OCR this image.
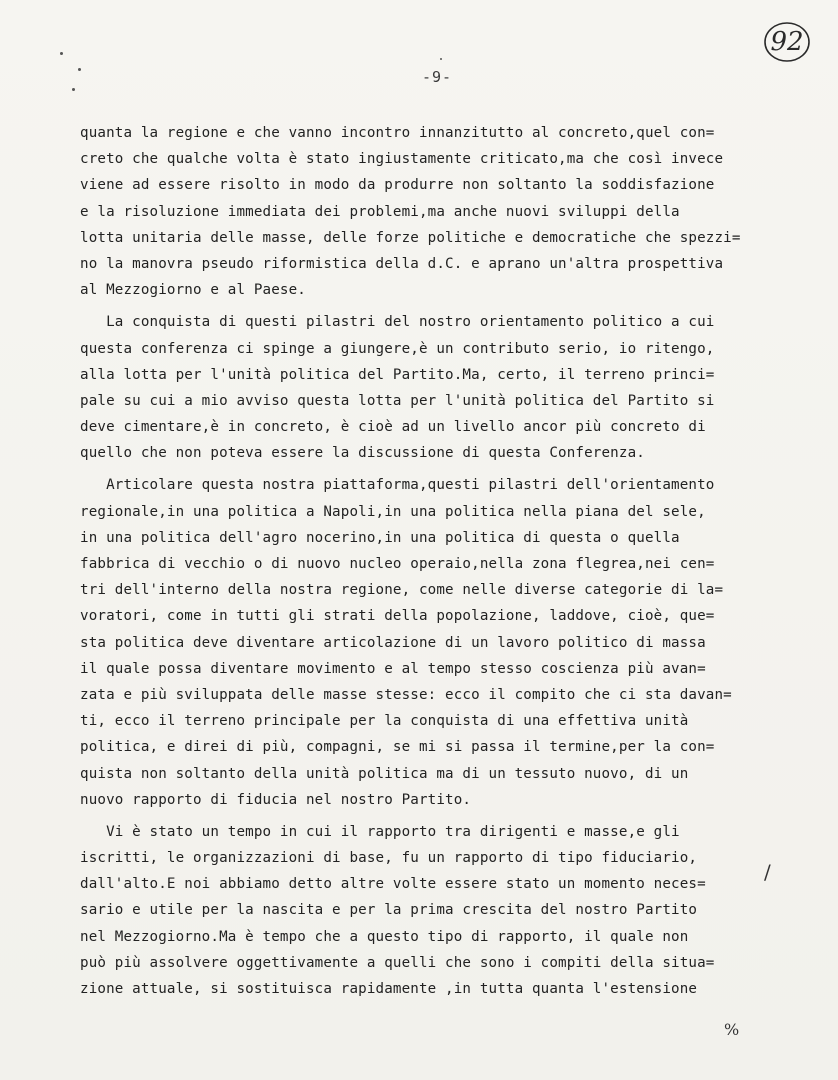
92
-9-
quanta la regione e che vanno incontro innanzitutto al concreto,quel con=
creto che qualche volta è stato ingiustamente criticato,ma che così invece
viene ad essere risolto in modo da produrre non soltanto la soddisfazione
e la risoluzione immediata dei problemi,ma anche nuovi sviluppi della
lotta unitaria delle masse, delle forze politiche e democratiche che spezzi=
no la manovra pseudo riformistica della d.C. e aprano un'altra prospettiva
al Mezzogiorno e al Paese.
La conquista di questi pilastri del nostro orientamento politico a cui
questa conferenza ci spinge a giungere,è un contributo serio, io ritengo,
alla lotta per l'unità politica del Partito.Ma, certo, il terreno princi=
pale su cui a mio avviso questa lotta per l'unità politica del Partito si
deve cimentare,è in concreto, è cioè ad un livello ancor più concreto di
quello che non poteva essere la discussione di questa Conferenza.
Articolare questa nostra piattaforma,questi pilastri dell'orientamento
regionale,in una politica a Napoli,in una politica nella piana del sele,
in una politica dell'agro nocerino,in una politica di questa o quella
fabbrica di vecchio o di nuovo nucleo operaio,nella zona flegrea,nei cen=
tri dell'interno della nostra regione, come nelle diverse categorie di la=
voratori, come in tutti gli strati della popolazione, laddove, cioè, que=
sta politica deve diventare articolazione di un lavoro politico di massa
il quale possa diventare movimento e al tempo stesso coscienza più avan=
zata e più sviluppata delle masse stesse: ecco il compito che ci sta davan=
ti, ecco il terreno principale per la conquista di una effettiva unità
politica, e direi di più, compagni, se mi si passa il termine,per la con=
quista non soltanto della unità politica ma di un tessuto nuovo, di un
nuovo rapporto di fiducia nel nostro Partito.
Vi è stato un tempo in cui il rapporto tra dirigenti e masse,e gli
iscritti, le organizzazioni di base, fu un rapporto di tipo fiduciario,
dall'alto.E noi abbiamo detto altre volte essere stato un momento neces=
sario e utile per la nascita e per la prima crescita del nostro Partito
nel Mezzogiorno.Ma è tempo che a questo tipo di rapporto, il quale non
può più assolvere oggettivamente a quelli che sono i compiti della situa=
zione attuale, si sostituisca rapidamente ,in tutta quanta l'estensione
/
%
